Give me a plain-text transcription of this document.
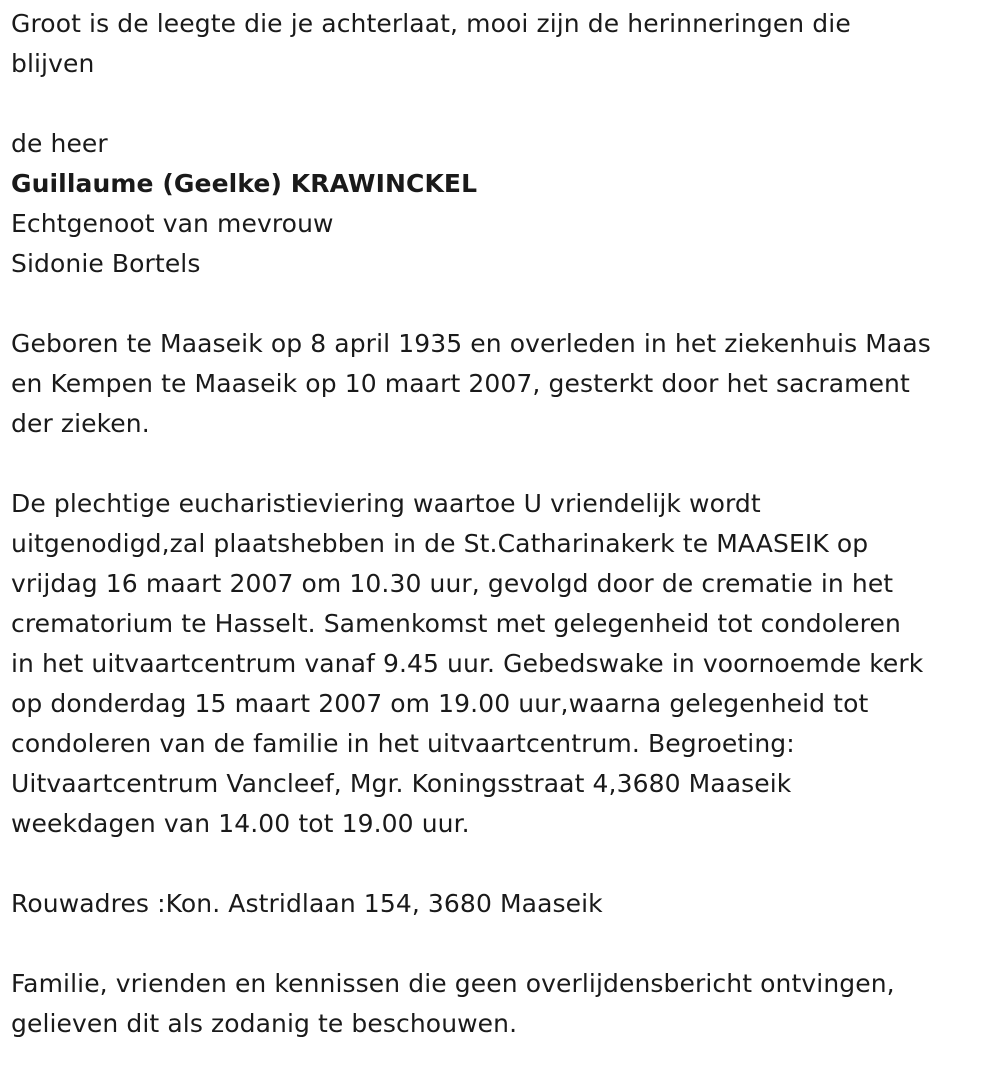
Groot is de leegte die je achterlaat, mooi zijn de herinneringen die
blijven

de heer

Guillaume (Geelke) KRAWINCKEL

Echtgenoot van mevrouw

Sidonie Bortels

Geboren te Maaseik op 8 april 1935 en overleden in het ziekenhuis Maas
en Kempen te Maaseik op 10 maart 2007, gesterkt door het sacrament
der zieken.

De plechtige eucharistieviering waartoe U vriendelijk wordt
uitgenodigd,zal plaatshebben in de St.Catharinakerk te MAASEIK op
vrijdag 16 maart 2007 om 10.30 uur, gevolgd door de crematie in het
crematorium te Hasselt. Samenkomst met gelegenheid tot condoleren
in het uitvaartcentrum vanaf 9.45 uur. Gebedswake in voornoemde kerk
op donderdag 15 maart 2007 om 19.00 uur,waarna gelegenheid tot
condoleren van de familie in het uitvaartcentrum. Begroeting:
Uitvaartcentrum Vancleef, Mgr. Koningsstraat 4,3680 Maaseik
weekdagen van 14.00 tot 19.00 uur.

Rouwadres :Kon. Astridlaan 154, 3680 Maaseik

Familie, vrienden en kennissen die geen overlijdensbericht ontvingen,
gelieven dit als zodanig te beschouwen.
